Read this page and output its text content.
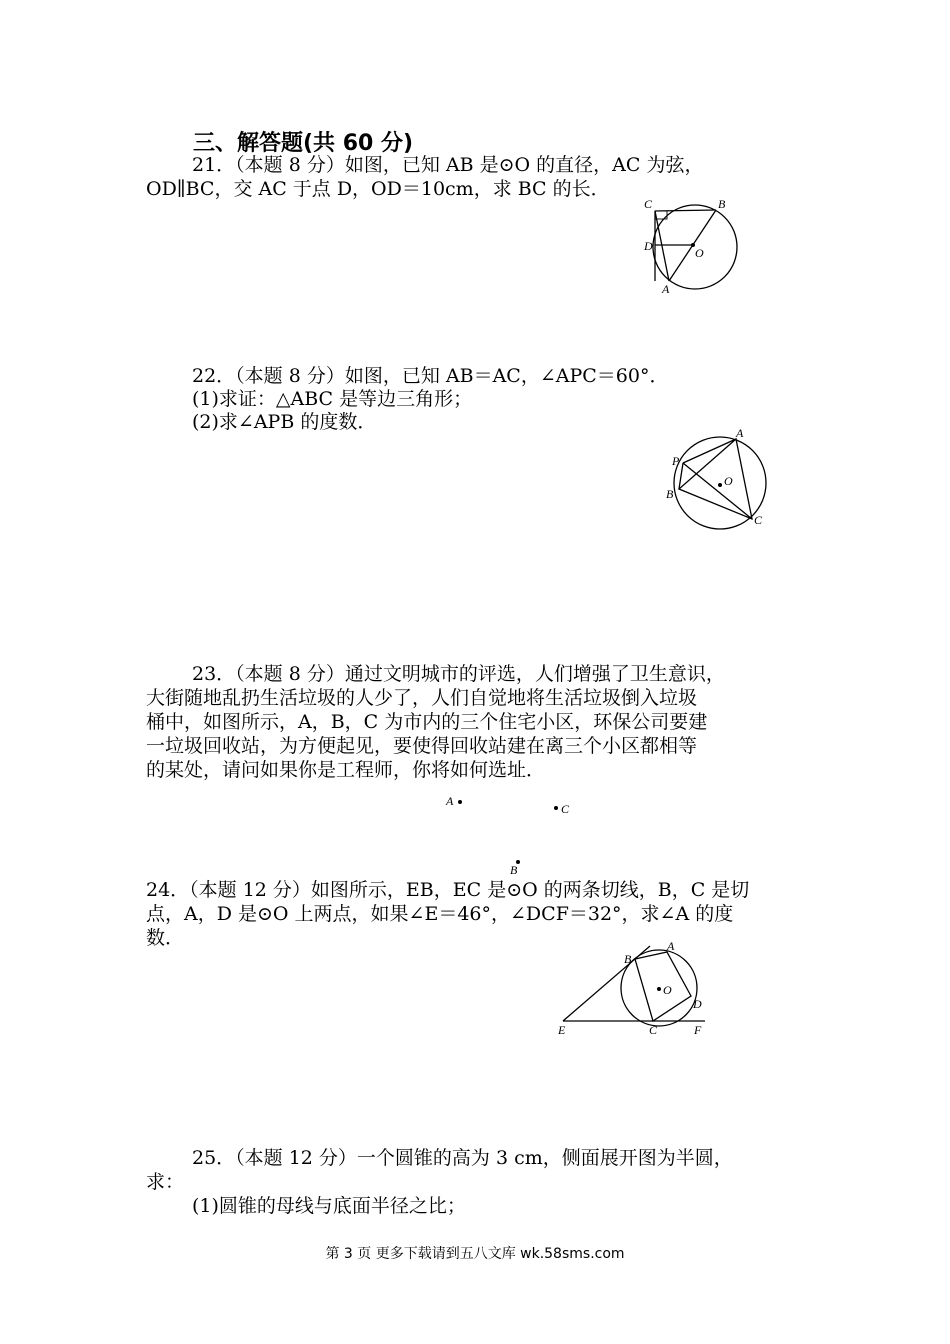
三、解答题(共 60 分)
21．（本题 8 分）如图，已知 AB 是⊙O 的直径，AC 为弦，
OD∥BC，交 AC 于点 D，OD＝10cm，求 BC 的长．
C	B
D	O
A
22．（本题 8 分）如图，已知 AB＝AC，∠APC＝60°．
(1)求证：△ABC 是等边三角形；
(2)求∠APB 的度数．	A
P
O
B
C
23．（本题 8 分）通过文明城市的评选，人们增强了卫生意识，
大街随地乱扔生活垃圾的人少了，人们自觉地将生活垃圾倒入垃圾
桶中，如图所示，A，B，C 为市内的三个住宅小区，环保公司要建
一垃圾回收站，为方便起见，要使得回收站建在离三个小区都相等
的某处，请问如果你是工程师，你将如何选址．
A
C
B
24．（本题 12 分）如图所示，EB，EC 是⊙O 的两条切线，B，C 是切
点，A，D 是⊙O 上两点，如果∠E＝46°，∠DCF＝32°，求∠A 的度
数．	A
B
O
D
E	C	F
25．（本题 12 分）一个圆锥的高为 3 cm，侧面展开图为半圆，
求：
(1)圆锥的母线与底面半径之比；
第 3 页 更多下载请到五八文库 wk.58sms.com
